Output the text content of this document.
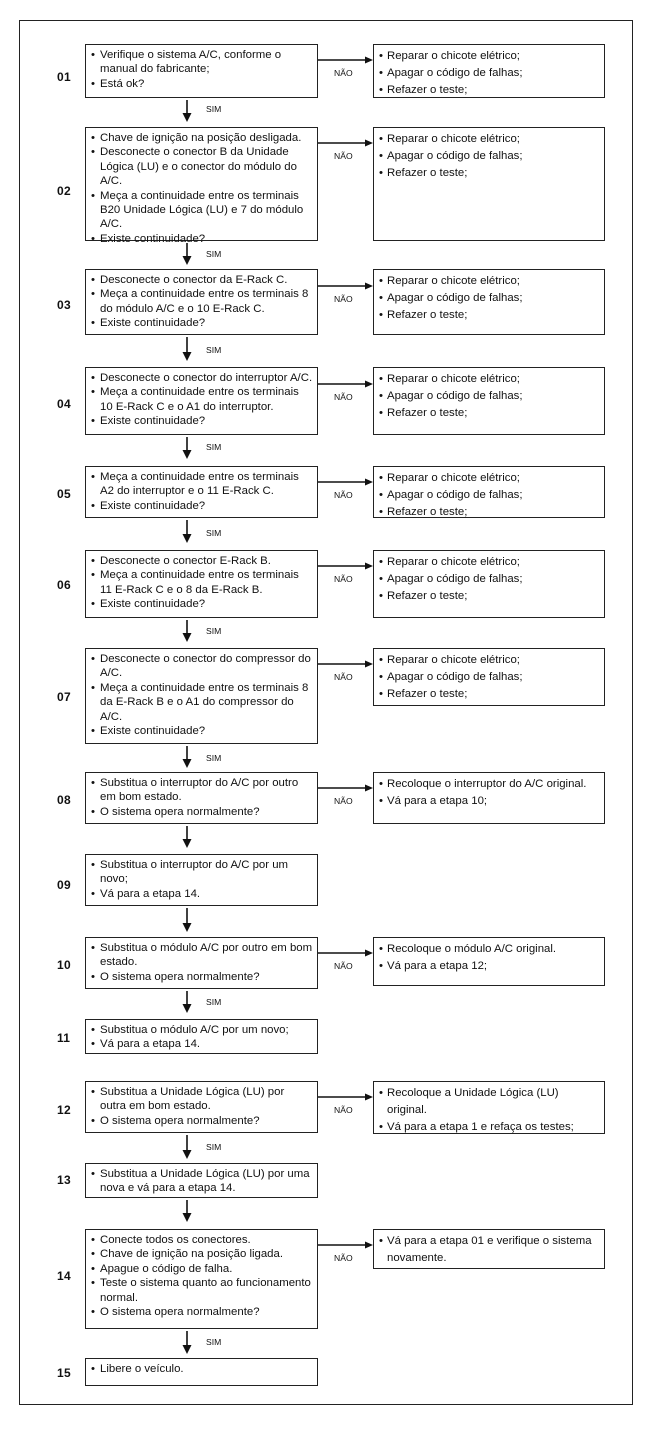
01
• Verifique o sistema A/C, conforme o manual do fabricante;
• Está ok?
NÃO
• Reparar o chicote elétrico;
• Apagar o código de falhas;
• Refazer o teste;
SIM
02
• Chave de ignição na posição desligada.
• Desconecte o conector B da Unidade Lógica (LU) e o conector do módulo do A/C.
• Meça a continuidade entre os terminais B20 Unidade Lógica (LU) e 7 do módulo A/C.
• Existe continuidade?
NÃO
• Reparar o chicote elétrico;
• Apagar o código de falhas;
• Refazer o teste;
SIM
03
• Desconecte o conector da E-Rack C.
• Meça a continuidade entre os terminais 8 do módulo A/C e o 10 E-Rack C.
• Existe continuidade?
NÃO
• Reparar o chicote elétrico;
• Apagar o código de falhas;
• Refazer o teste;
SIM
04
• Desconecte o conector do interruptor A/C.
• Meça a continuidade entre os terminais 10 E-Rack C e o A1 do interruptor.
• Existe continuidade?
NÃO
• Reparar o chicote elétrico;
• Apagar o código de falhas;
• Refazer o teste;
SIM
05
• Meça a continuidade entre os terminais A2 do interruptor e o 11 E-Rack C.
• Existe continuidade?
NÃO
• Reparar o chicote elétrico;
• Apagar o código de falhas;
• Refazer o teste;
SIM
06
• Desconecte o conector E-Rack B.
• Meça a continuidade entre os terminais 11 E-Rack C e o 8 da E-Rack B.
• Existe continuidade?
NÃO
• Reparar o chicote elétrico;
• Apagar o código de falhas;
• Refazer o teste;
SIM
07
• Desconecte o conector do compressor do A/C.
• Meça a continuidade entre os terminais 8 da E-Rack B e o A1 do compressor do A/C.
• Existe continuidade?
NÃO
• Reparar o chicote elétrico;
• Apagar o código de falhas;
• Refazer o teste;
SIM
08
• Substitua o interruptor do A/C por outro em bom estado.
• O sistema opera normalmente?
NÃO
• Recoloque o interruptor do A/C original.
• Vá para a etapa 10;
09
• Substitua o interruptor do A/C por um novo;
• Vá para a etapa 14.
10
• Substitua o módulo A/C por outro em bom estado.
• O sistema opera normalmente?
NÃO
• Recoloque o módulo A/C original.
• Vá para a etapa 12;
SIM
11
• Substitua o módulo A/C por um novo;
• Vá para a etapa 14.
12
• Substitua a Unidade Lógica (LU) por outra em bom estado.
• O sistema opera normalmente?
NÃO
• Recoloque a Unidade Lógica (LU) original.
• Vá para a etapa 1 e refaça os testes;
SIM
13	• Substitua a Unidade Lógica (LU) por uma nova e vá para a etapa 14.
14
• Conecte todos os conectores.
• Chave de ignição na posição ligada.
• Apague o código de falha.
• Teste o sistema quanto ao funcionamento normal.
• O sistema opera normalmente?
NÃO
• Vá para a etapa 01 e verifique o sistema novamente.
SIM
15	• Libere o veículo.
